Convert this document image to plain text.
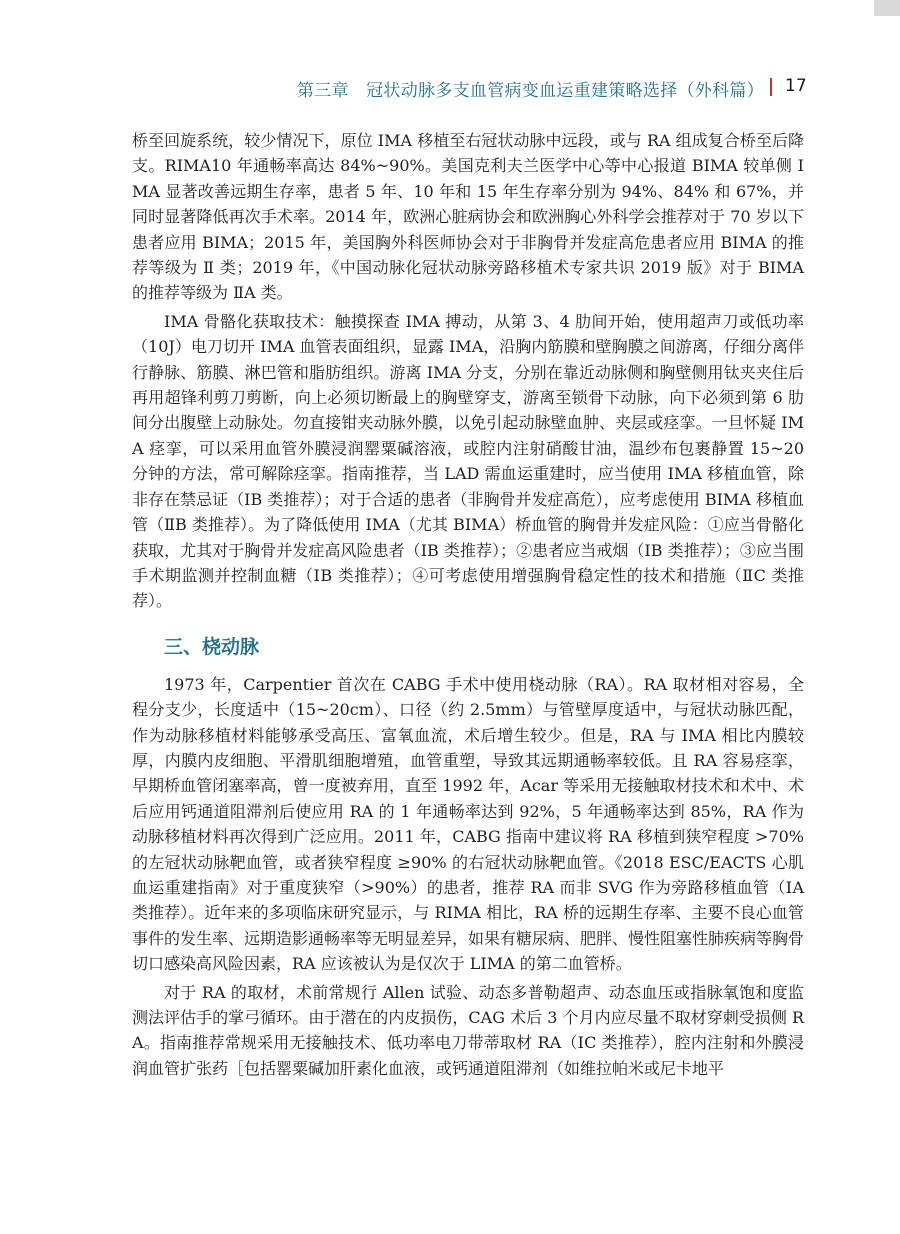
第三章　冠状动脉多支血管病变血运重建策略选择（外科篇） 17

桥至回旋系统，较少情况下，原位 IMA 移植至右冠状动脉中远段，或与 RA 组成复合桥至后降支。RIMA10 年通畅率高达 84%~90%。美国克利夫兰医学中心等中心报道 BIMA 较单侧 IMA 显著改善远期生存率，患者 5 年、10 年和 15 年生存率分别为 94%、84% 和 67%，并同时显著降低再次手术率。2014 年，欧洲心脏病协会和欧洲胸心外科学会推荐对于 70 岁以下患者应用 BIMA；2015 年，美国胸外科医师协会对于非胸骨并发症高危患者应用 BIMA 的推荐等级为 Ⅱ 类；2019 年，《中国动脉化冠状动脉旁路移植术专家共识 2019 版》对于 BIMA 的推荐等级为 ⅡA 类。

IMA 骨骼化获取技术：触摸探查 IMA 搏动，从第 3、4 肋间开始，使用超声刀或低功率（10J）电刀切开 IMA 血管表面组织，显露 IMA，沿胸内筋膜和壁胸膜之间游离，仔细分离伴行静脉、筋膜、淋巴管和脂肪组织。游离 IMA 分支，分别在靠近动脉侧和胸壁侧用钛夹夹住后再用超锋利剪刀剪断，向上必须切断最上的胸壁穿支，游离至锁骨下动脉，向下必须到第 6 肋间分出腹壁上动脉处。勿直接钳夹动脉外膜，以免引起动脉壁血肿、夹层或痉挛。一旦怀疑 IMA 痉挛，可以采用血管外膜浸润罂粟碱溶液，或腔内注射硝酸甘油，温纱布包裹静置 15~20 分钟的方法，常可解除痉挛。指南推荐，当 LAD 需血运重建时，应当使用 IMA 移植血管，除非存在禁忌证（ⅠB 类推荐）；对于合适的患者（非胸骨并发症高危），应考虑使用 BIMA 移植血管（ⅡB 类推荐）。为了降低使用 IMA（尤其 BIMA）桥血管的胸骨并发症风险：①应当骨骼化获取，尤其对于胸骨并发症高风险患者（ⅠB 类推荐）；②患者应当戒烟（ⅠB 类推荐）；③应当围手术期监测并控制血糖（ⅠB 类推荐）；④可考虑使用增强胸骨稳定性的技术和措施（ⅡC 类推荐）。

三、桡动脉

1973 年，Carpentier 首次在 CABG 手术中使用桡动脉（RA）。RA 取材相对容易，全程分支少，长度适中（15~20cm）、口径（约 2.5mm）与管壁厚度适中，与冠状动脉匹配，作为动脉移植材料能够承受高压、富氧血流，术后增生较少。但是，RA 与 IMA 相比内膜较厚，内膜内皮细胞、平滑肌细胞增殖，血管重塑，导致其远期通畅率较低。且 RA 容易痉挛，早期桥血管闭塞率高，曾一度被弃用，直至 1992 年，Acar 等采用无接触取材技术和术中、术后应用钙通道阻滞剂后使应用 RA 的 1 年通畅率达到 92%，5 年通畅率达到 85%，RA 作为动脉移植材料再次得到广泛应用。2011 年，CABG 指南中建议将 RA 移植到狭窄程度 >70% 的左冠状动脉靶血管，或者狭窄程度 ≥90% 的右冠状动脉靶血管。《2018 ESC/EACTS 心肌血运重建指南》对于重度狭窄（>90%）的患者，推荐 RA 而非 SVG 作为旁路移植血管（ⅠA 类推荐）。近年来的多项临床研究显示，与 RIMA 相比，RA 桥的远期生存率、主要不良心血管事件的发生率、远期造影通畅率等无明显差异，如果有糖尿病、肥胖、慢性阻塞性肺疾病等胸骨切口感染高风险因素，RA 应该被认为是仅次于 LIMA 的第二血管桥。

对于 RA 的取材，术前常规行 Allen 试验、动态多普勒超声、动态血压或指脉氧饱和度监测法评估手的掌弓循环。由于潜在的内皮损伤，CAG 术后 3 个月内应尽量不取材穿刺受损侧 RA。指南推荐常规采用无接触技术、低功率电刀带蒂取材 RA（ⅠC 类推荐），腔内注射和外膜浸润血管扩张药［包括罂粟碱加肝素化血液，或钙通道阻滞剂（如维拉帕米或尼卡地平
